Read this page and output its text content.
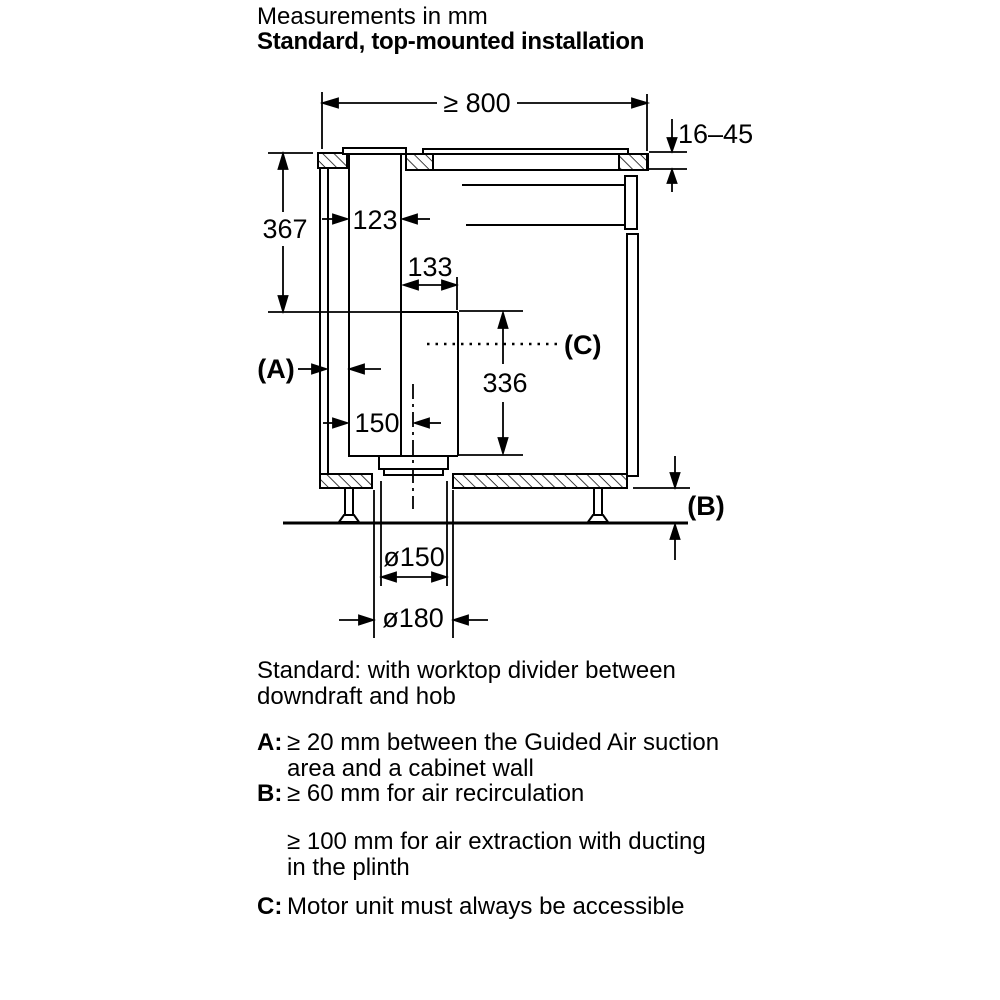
Measurements in mm
Standard, top-mounted installation
≥ 800
16–45
367 123
133
(C)
336
(A)
150
(B)
ø150
ø180
Standard: with worktop divider between
downdraft and hob
A: ≥ 20 mm between the Guided Air suction
area and a cabinet wall
B: ≥ 60 mm for air recirculation
≥ 100 mm for air extraction with ducting
in the plinth
C: Motor unit must always be accessible
